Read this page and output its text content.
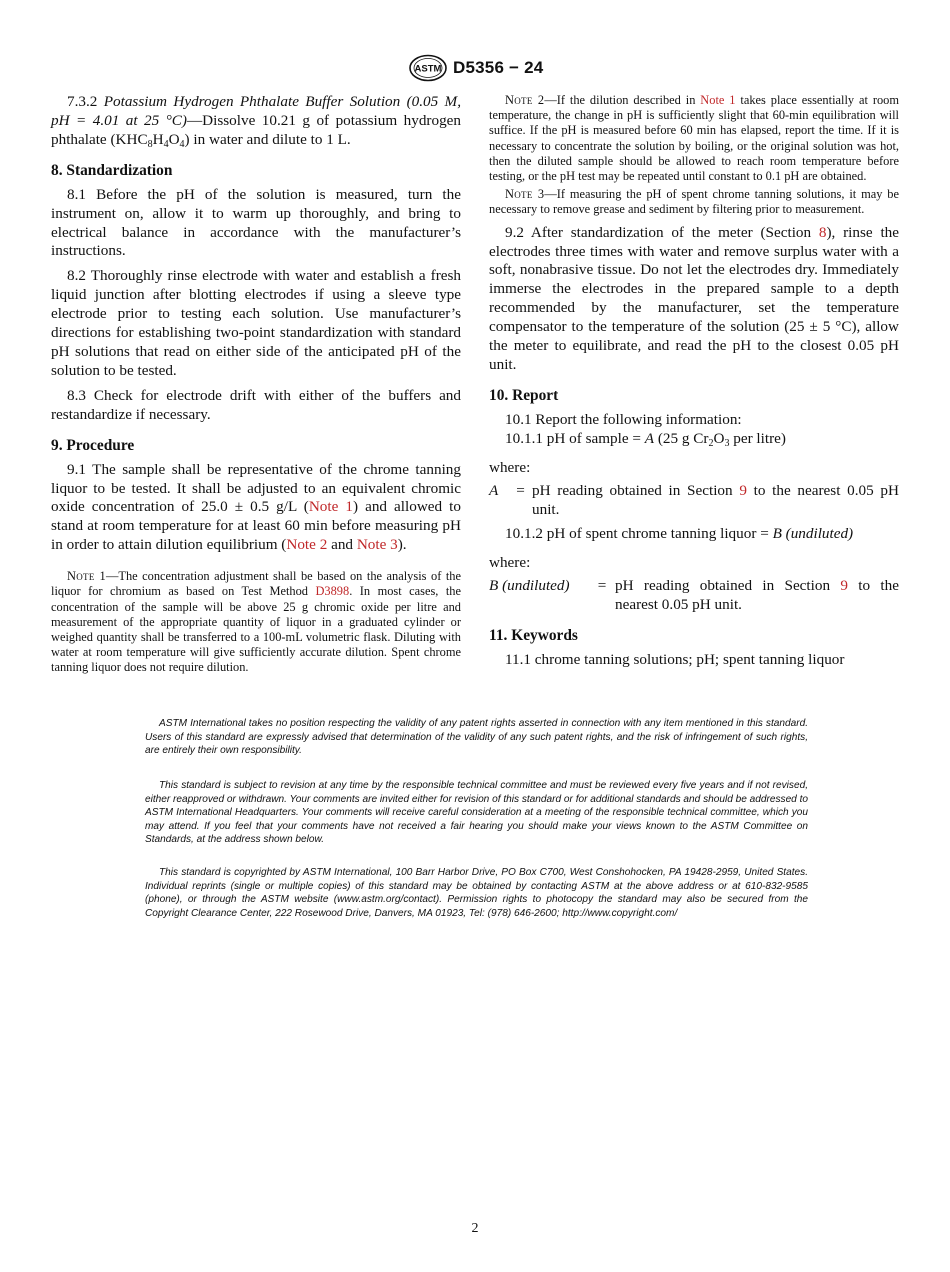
ASTM D5356 − 24

7.3.2 Potassium Hydrogen Phthalate Buffer Solution (0.05 M, pH = 4.01 at 25 °C)—Dissolve 10.21 g of potassium hydrogen phthalate $(KHC_8H_4O_4)$ in water and dilute to 1 L.

8. Standardization

8.1 Before the pH of the solution is measured, turn the instrument on, allow it to warm up thoroughly, and bring to electrical balance in accordance with the manufacturer’s instructions.

8.2 Thoroughly rinse electrode with water and establish a fresh liquid junction after blotting electrodes if using a sleeve type electrode prior to testing each solution. Use manufacturer’s directions for establishing two-point standardization with standard pH solutions that read on either side of the anticipated pH of the solution to be tested.

8.3 Check for electrode drift with either of the buffers and restandardize if necessary.

9. Procedure

9.1 The sample shall be representative of the chrome tanning liquor to be tested. It shall be adjusted to an equivalent chromic oxide concentration of 25.0 ± 0.5 g/L (Note 1) and allowed to stand at room temperature for at least 60 min before measuring pH in order to attain dilution equilibrium (Note 2 and Note 3).

Note 1—The concentration adjustment shall be based on the analysis of the liquor for chromium as based on Test Method D3898. In most cases, the concentration of the sample will be above 25 g chromic oxide per litre and measurement of the appropriate quantity of liquor in a graduated cylinder or weighed quantity shall be transferred to a 100-mL volumetric flask. Diluting with water at room temperature will give sufficiently accurate dilution. Spent chrome tanning liquor does not require dilution.

Note 2—If the dilution described in Note 1 takes place essentially at room temperature, the change in pH is sufficiently slight that 60-min equilibration will suffice. If the pH is measured before 60 min has elapsed, report the time. If it is necessary to concentrate the solution by boiling, or the original solution was hot, then the diluted sample should be allowed to reach room temperature before testing, or the pH test may be repeated until constant to 0.1 pH are obtained.

Note 3—If measuring the pH of spent chrome tanning solutions, it may be necessary to remove grease and sediment by filtering prior to measurement.

9.2 After standardization of the meter (Section 8), rinse the electrodes three times with water and remove surplus water with a soft, nonabrasive tissue. Do not let the electrodes dry. Immediately immerse the electrodes in the prepared sample to a depth recommended by the manufacturer, set the temperature compensator to the temperature of the solution (25 ± 5 °C), allow the meter to equilibrate, and read the pH to the closest 0.05 pH unit.

10. Report

10.1 Report the following information:

10.1.1 pH of sample = A (25 g $Cr_2O_3$ per litre)

where:

A	= pH reading obtained in Section 9 to the nearest 0.05 pH unit.

10.1.2 pH of spent chrome tanning liquor = B (undiluted)

where:

B (undiluted)	= pH reading obtained in Section 9 to the nearest 0.05 pH unit.
11. Keywords

11.1 chrome tanning solutions; pH; spent tanning liquor

ASTM International takes no position respecting the validity of any patent rights asserted in connection with any item mentioned in this standard. Users of this standard are expressly advised that determination of the validity of any such patent rights, and the risk of infringement of such rights, are entirely their own responsibility.

This standard is subject to revision at any time by the responsible technical committee and must be reviewed every five years and if not revised, either reapproved or withdrawn. Your comments are invited either for revision of this standard or for additional standards and should be addressed to ASTM International Headquarters. Your comments will receive careful consideration at a meeting of the responsible technical committee, which you may attend. If you feel that your comments have not received a fair hearing you should make your views known to the ASTM Committee on Standards, at the address shown below.

This standard is copyrighted by ASTM International, 100 Barr Harbor Drive, PO Box C700, West Conshohocken, PA 19428-2959, United States. Individual reprints (single or multiple copies) of this standard may be obtained by contacting ASTM at the above address or at 610-832-9585 (phone), or through the ASTM website (www.astm.org/contact). Permission rights to photocopy the standard may also be secured from the Copyright Clearance Center, 222 Rosewood Drive, Danvers, MA 01923, Tel: (978) 646-2600; http://www.copyright.com/

2
